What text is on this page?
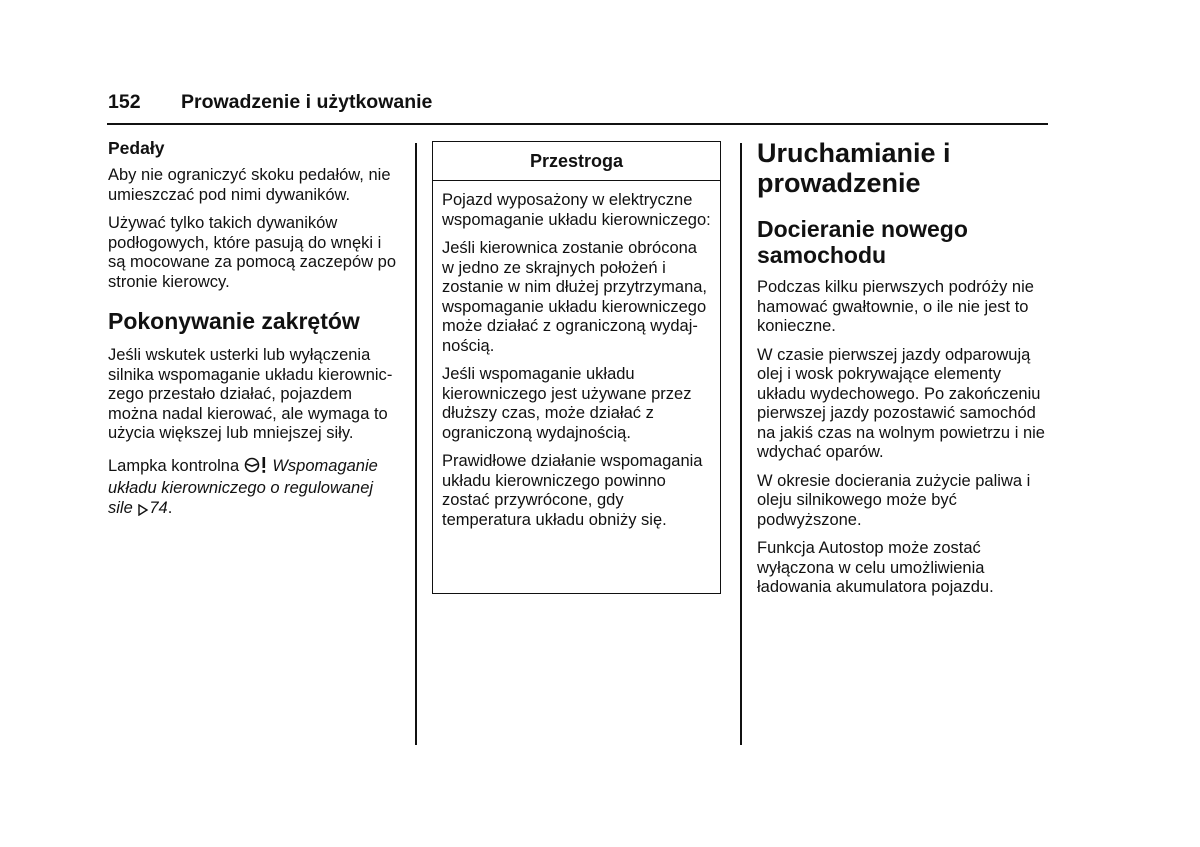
152 Prowadzenie i użytkowanie
Pedały

Aby nie ograniczyć skoku pedałów, nie umieszczać pod nimi dywaników.

Używać tylko takich dywaników podłogowych, które pasują do wnęki i są mocowane za pomocą zaczepów po stronie kierowcy.

Pokonywanie zakrętów

Jeśli wskutek usterki lub wyłączenia silnika wspomaganie układu kierowniczego przestało działać, pojazdem można nadal kierować, ale wymaga to użycia większej lub mniejszej siły.

Lampka kontrolna Wspomaganie układu kierowniczego o regulowanej sile 74.

Przestroga

Pojazd wyposażony w elektryczne wspomaganie układu kierowniczego:

Jeśli kierownica zostanie obrócona w jedno ze skrajnych położeń i zostanie w nim dłużej przytrzymana, wspomaganie układu kierowniczego może działać z ograniczoną wydajnością.

Jeśli wspomaganie układu kierowniczego jest używane przez dłuższy czas, może działać z ograniczoną wydajnością.

Prawidłowe działanie wspomagania układu kierowniczego powinno zostać przywrócone, gdy temperatura układu obniży się.

Uruchamianie i prowadzenie
Docieranie nowego samochodu

Podczas kilku pierwszych podróży nie hamować gwałtownie, o ile nie jest to konieczne.

W czasie pierwszej jazdy odparowują olej i wosk pokrywające elementy układu wydechowego. Po zakończeniu pierwszej jazdy pozostawić samochód na jakiś czas na wolnym powietrzu i nie wdychać oparów.

W okresie docierania zużycie paliwa i oleju silnikowego może być podwyższone.

Funkcja Autostop może zostać wyłączona w celu umożliwienia ładowania akumulatora pojazdu.
